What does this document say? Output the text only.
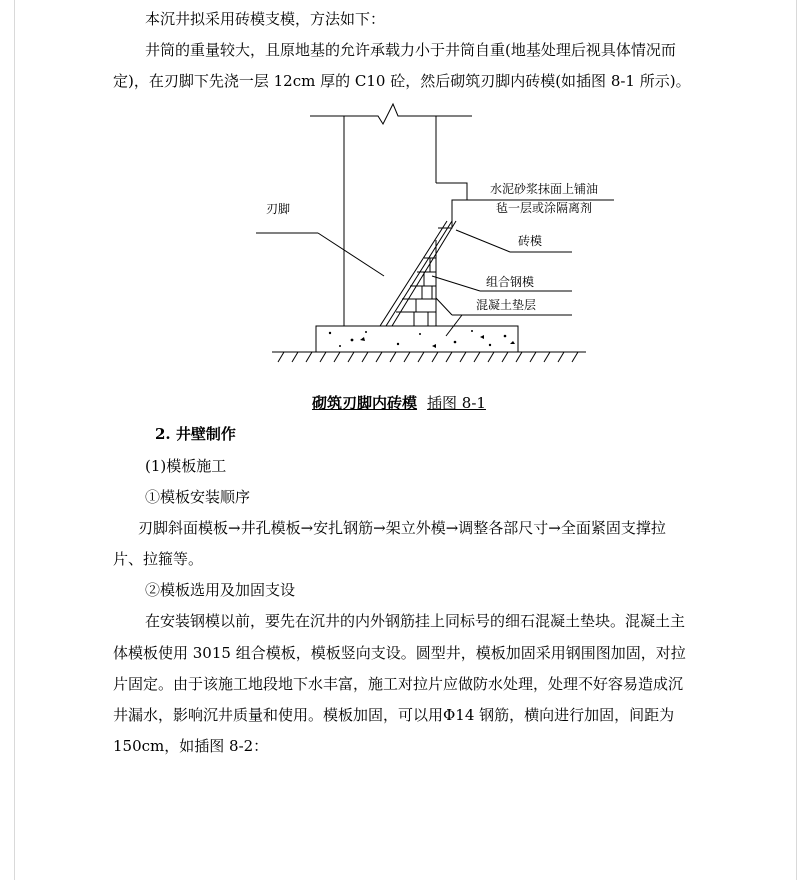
本沉井拟采用砖模支模，方法如下：
井筒的重量较大，且原地基的允许承载力小于井筒自重(地基处理后视具体情况而
定)，在刃脚下先浇一层 12cm 厚的 C10 砼，然后砌筑刃脚内砖模(如插图 8-1 所示)。
刃脚
水泥砂浆抹面上铺油
毡一层或涂隔离剂
砖模
组合钢模
混凝土垫层
砌筑刃脚内砖模 插图 8-1
2. 井壁制作
(1)模板施工
①模板安装顺序
刃脚斜面模板→井孔模板→安扎钢筋→架立外模→调整各部尺寸→全面紧固支撑拉
片、拉箍等。
②模板选用及加固支设
在安装钢模以前，要先在沉井的内外钢筋挂上同标号的细石混凝土垫块。混凝土主
体模板使用 3015 组合模板，模板竖向支设。圆型井，模板加固采用钢围图加固，对拉
片固定。由于该施工地段地下水丰富，施工对拉片应做防水处理，处理不好容易造成沉
井漏水，影响沉井质量和使用。模板加固，可以用Φ14 钢筋，横向进行加固，间距为
150cm，如插图 8-2：
